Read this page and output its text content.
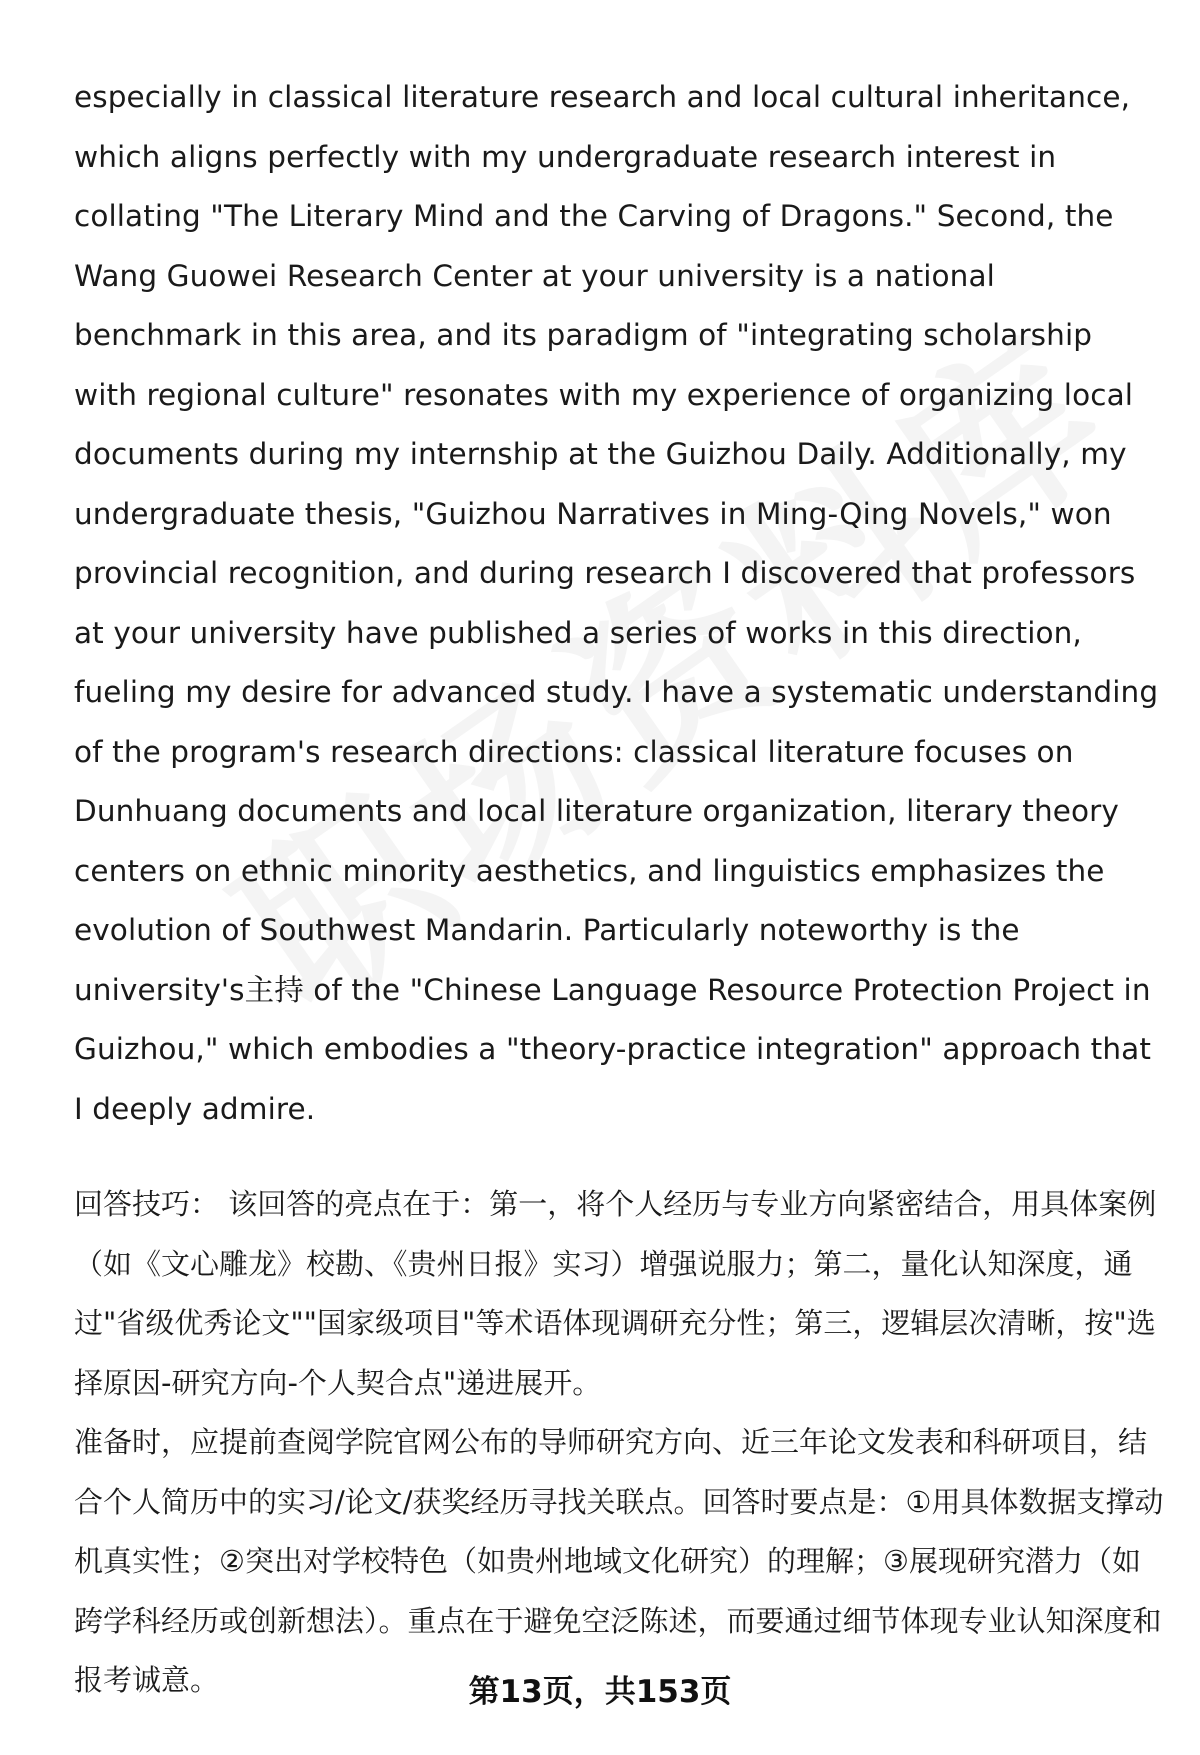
especially in classical literature research and local cultural inheritance, which aligns perfectly with my undergraduate research interest in collating "The Literary Mind and the Carving of Dragons." Second, the Wang Guowei Research Center at your university is a national benchmark in this area, and its paradigm of "integrating scholarship with regional culture" resonates with my experience of organizing local documents during my internship at the Guizhou Daily. Additionally, my undergraduate thesis, "Guizhou Narratives in Ming-Qing Novels," won provincial recognition, and during research I discovered that professors at your university have published a series of works in this direction, fueling my desire for advanced study. I have a systematic understanding of the program's research directions: classical literature focuses on Dunhuang documents and local literature organization, literary theory centers on ethnic minority aesthetics, and linguistics emphasizes the evolution of Southwest Mandarin. Particularly noteworthy is the university's主持 of the "Chinese Language Resource Protection Project in Guizhou," which embodies a "theory-practice integration" approach that I deeply admire.

回答技巧： 该回答的亮点在于：第一，将个人经历与专业方向紧密结合，用具体案例（如《文心雕龙》校勘、《贵州日报》实习）增强说服力；第二，量化认知深度，通过"省级优秀论文""国家级项目"等术语体现调研充分性；第三，逻辑层次清晰，按"选择原因-研究方向-个人契合点"递进展开。

准备时，应提前查阅学院官网公布的导师研究方向、近三年论文发表和科研项目，结合个人简历中的实习/论文/获奖经历寻找关联点。回答时要点是：①用具体数据支撑动机真实性；②突出对学校特色（如贵州地域文化研究）的理解；③展现研究潜力（如跨学科经历或创新想法）。重点在于避免空泛陈述，而要通过细节体现专业认知深度和报考诚意。	第13页，共153页
